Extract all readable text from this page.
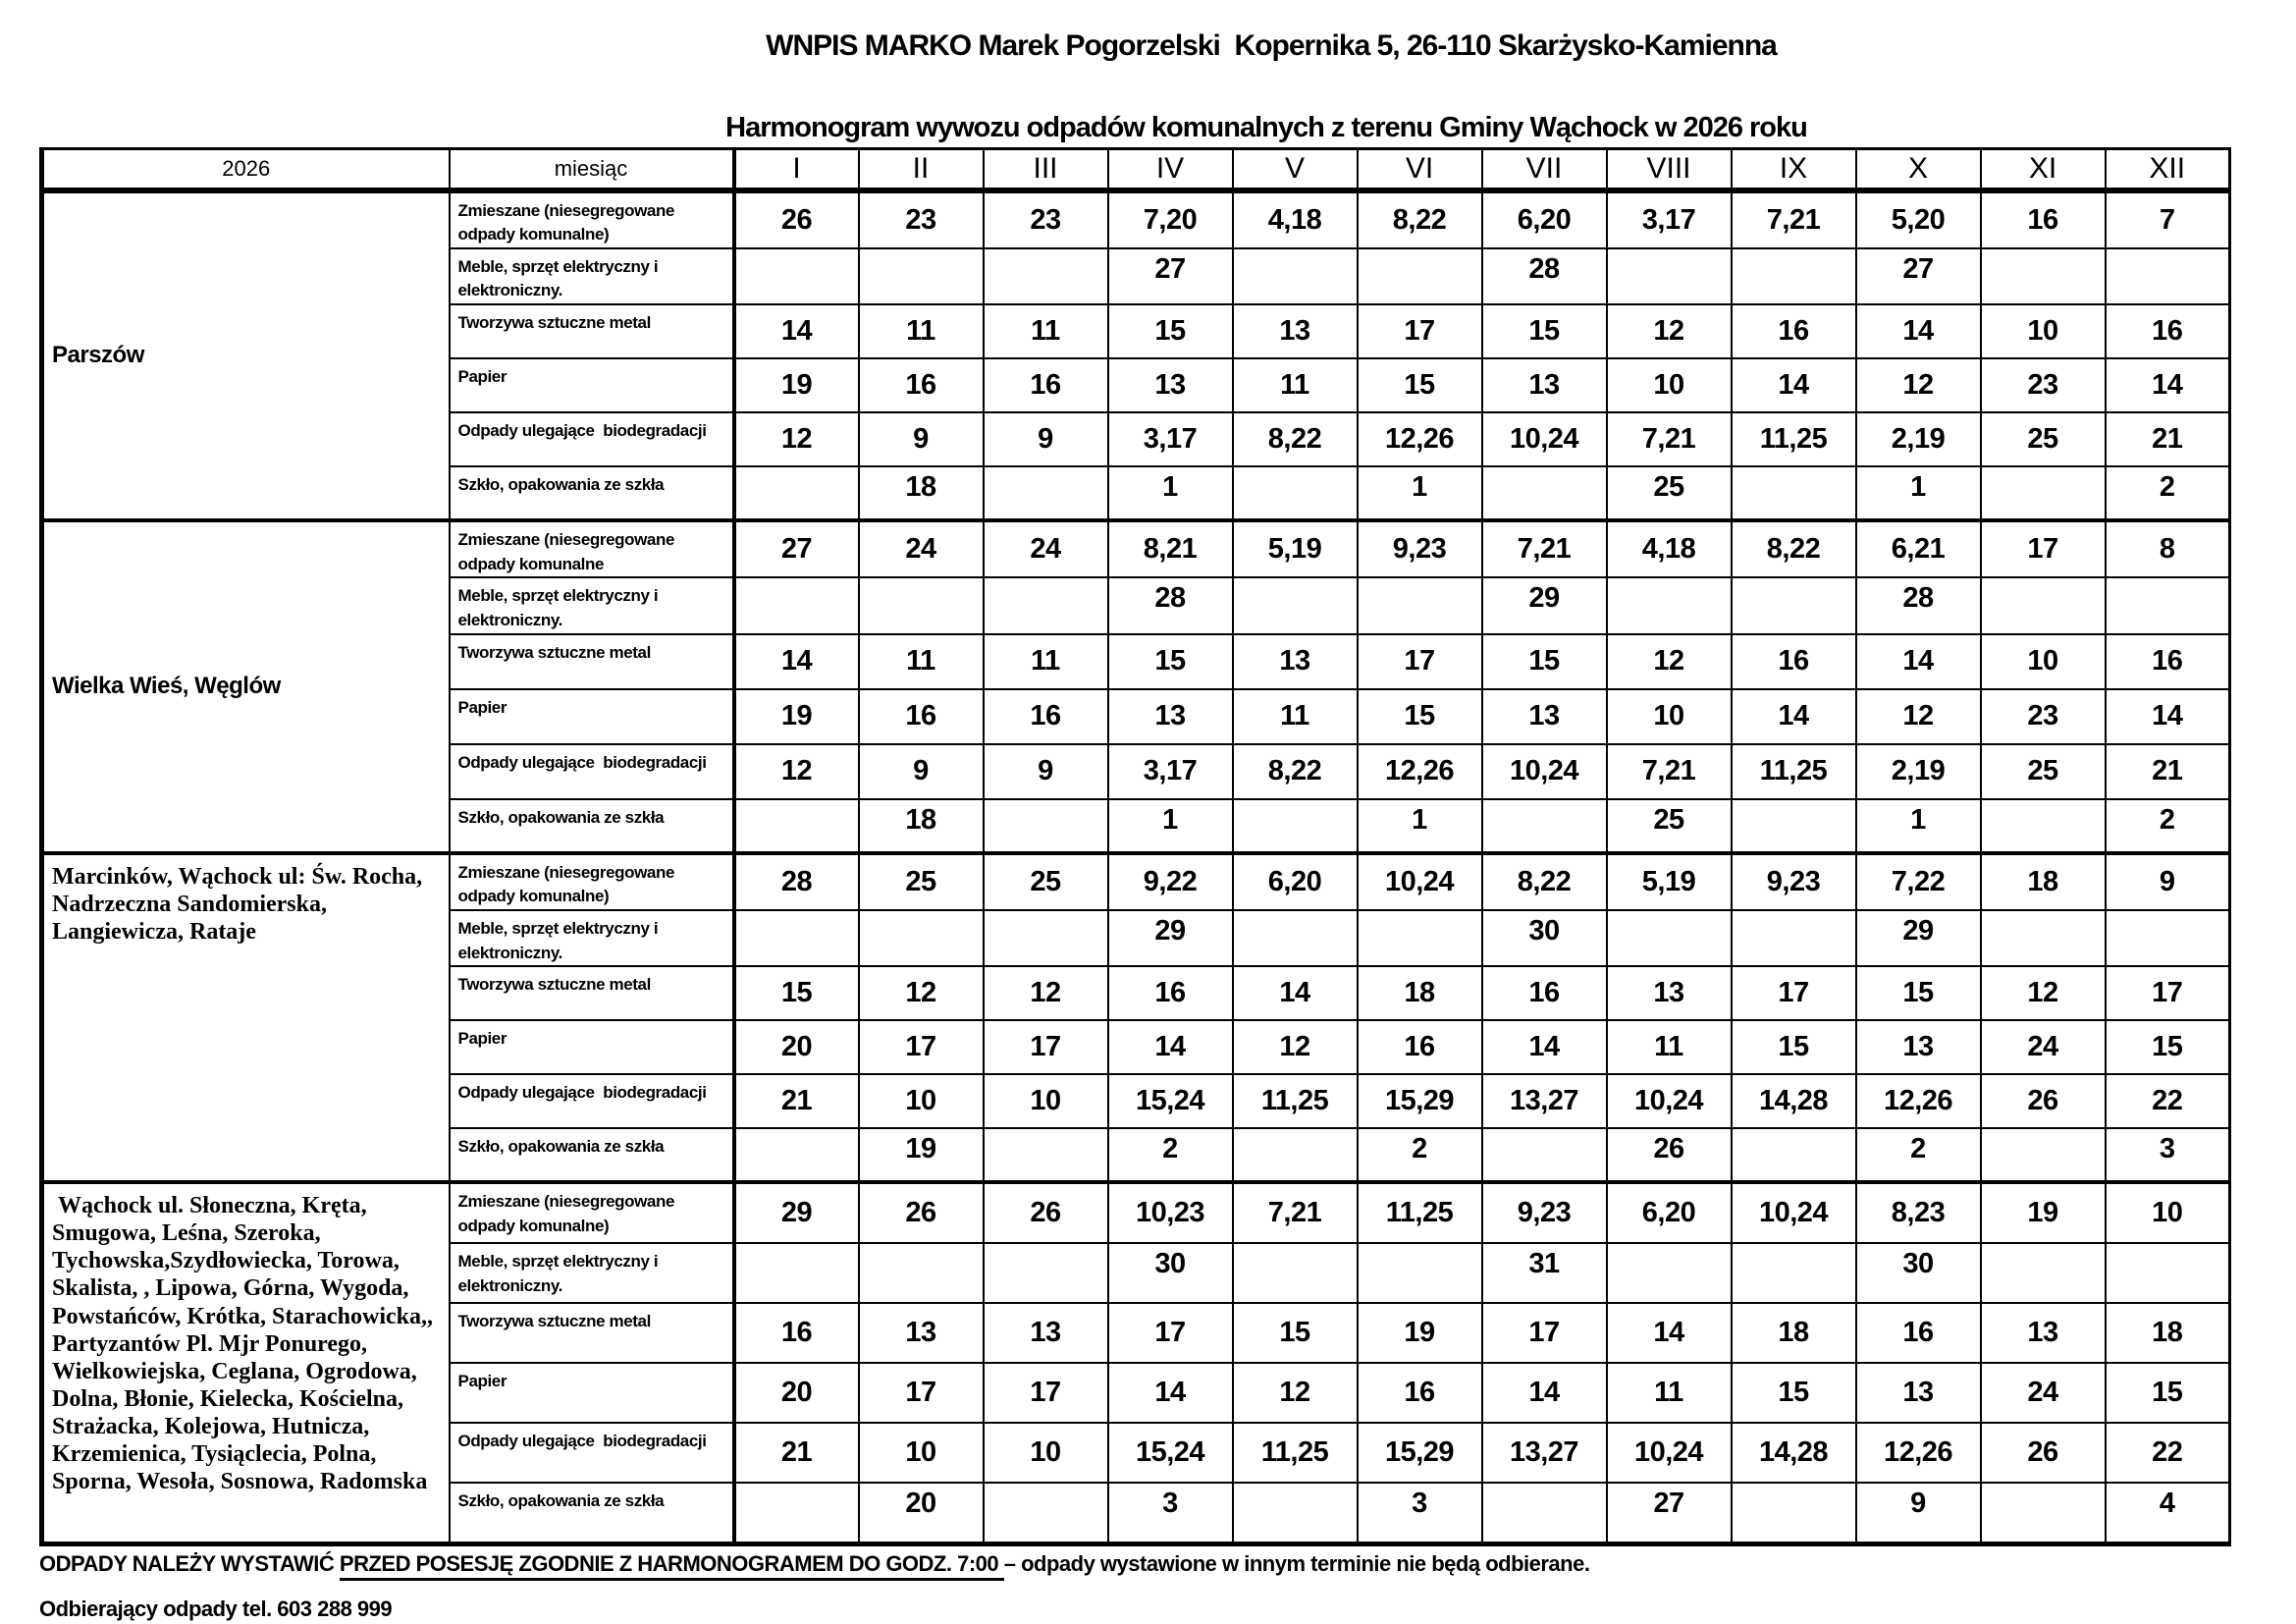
WNPIS MARKO Marek Pogorzelski  Kopernika 5, 26-110 Skarżysko-Kamienna
Harmonogram wywozu odpadów komunalnych z terenu Gminy Wąchock w 2026 roku
2026	miesiąc	I	II	III	IV	V	VI	VII	VIII	IX	X	XI	XII
Parszów	Zmieszane (niesegregowane odpady komunalne)	26	23	23	7,20	4,18	8,22	6,20	3,17	7,21	5,20	16	7
	Meble, sprzęt elektryczny i elektroniczny.				27			28			27		
	Tworzywa sztuczne metal	14	11	11	15	13	17	15	12	16	14	10	16
	Papier	19	16	16	13	11	15	13	10	14	12	23	14
	Odpady ulegające  biodegradacji	12	9	9	3,17	8,22	12,26	10,24	7,21	11,25	2,19	25	21
	Szkło, opakowania ze szkła		18		1		1		25		1		2
Wielka Wieś, Węglów	Zmieszane (niesegregowane odpady komunalne	27	24	24	8,21	5,19	9,23	7,21	4,18	8,22	6,21	17	8
	Meble, sprzęt elektryczny i elektroniczny.				28			29			28		
	Tworzywa sztuczne metal	14	11	11	15	13	17	15	12	16	14	10	16
	Papier	19	16	16	13	11	15	13	10	14	12	23	14
	Odpady ulegające  biodegradacji	12	9	9	3,17	8,22	12,26	10,24	7,21	11,25	2,19	25	21
	Szkło, opakowania ze szkła		18		1		1		25		1		2
Marcinków, Wąchock ul: Św. Rocha, Nadrzeczna Sandomierska, Langiewicza, Rataje	Zmieszane (niesegregowane odpady komunalne)	28	25	25	9,22	6,20	10,24	8,22	5,19	9,23	7,22	18	9
	Meble, sprzęt elektryczny i elektroniczny.				29			30			29		
	Tworzywa sztuczne metal	15	12	12	16	14	18	16	13	17	15	12	17
	Papier	20	17	17	14	12	16	14	11	15	13	24	15
	Odpady ulegające  biodegradacji	21	10	10	15,24	11,25	15,29	13,27	10,24	14,28	12,26	26	22
	Szkło, opakowania ze szkła		19		2		2		26		2		3
Wąchock ul. Słoneczna, Kręta, Smugowa, Leśna, Szeroka, Tychowska,Szydłowiecka, Torowa, Skalista, , Lipowa, Górna, Wygoda, Powstańców, Krótka, Starachowicka,, Partyzantów Pl. Mjr Ponurego, Wielkowiejska, Ceglana, Ogrodowa, Dolna, Błonie, Kielecka, Kościelna, Strażacka, Kolejowa, Hutnicza, Krzemienica, Tysiąclecia, Polna, Sporna, Wesoła, Sosnowa, Radomska	Zmieszane (niesegregowane odpady komunalne)	29	26	26	10,23	7,21	11,25	9,23	6,20	10,24	8,23	19	10
	Meble, sprzęt elektryczny i elektroniczny.				30			31			30		
	Tworzywa sztuczne metal	16	13	13	17	15	19	17	14	18	16	13	18
	Papier	20	17	17	14	12	16	14	11	15	13	24	15
	Odpady ulegające  biodegradacji	21	10	10	15,24	11,25	15,29	13,27	10,24	14,28	12,26	26	22
	Szkło, opakowania ze szkła		20		3		3		27		9		4
ODPADY NALEŻY WYSTAWIĆ PRZED POSESJĘ ZGODNIE Z HARMONOGRAMEM DO GODZ. 7:00 – odpady wystawione w innym terminie nie będą odbierane.
Odbierający odpady tel. 603 288 999
